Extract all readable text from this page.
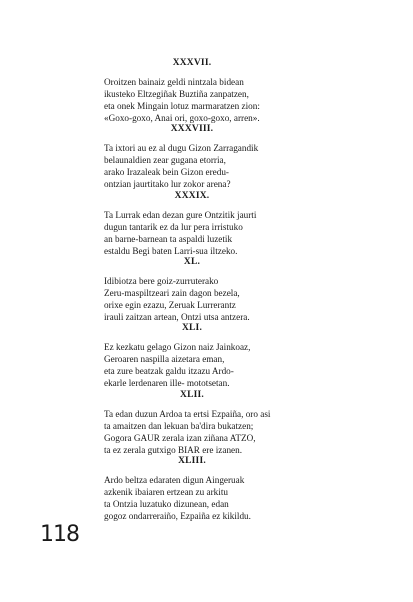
XXXVII.
Oroitzen bainaiz geldi nintzala bidean
ikusteko Eltzegiñak Buztiña zanpatzen,
eta onek Mingain lotuz marmaratzen zion:
«Goxo-goxo, Anai ori, goxo-goxo, arren».
XXXVIII.
Ta ixtori au ez al dugu Gizon Zarragandik
belaunaldien zear gugana etorria,
arako Irazaleak bein Gizon eredu-
ontzian jaurtitako lur zokor arena?
XXXIX.
Ta Lurrak edan dezan gure Ontzitik jaurti
dugun tantarik ez da lur pera irristuko
an barne-barnean ta aspaldi luzetik
estaldu Begi baten Larri-sua iltzeko.
XL.
Idibiotza bere goiz-zurruterako
Zeru-maspiltzeari zain dagon bezela,
orixe egin ezazu, Zeruak Lurrerantz
irauli zaitzan artean, Ontzi utsa antzera.
XLI.
Ez kezkatu gelago Gizon naiz Jainkoaz,
Geroaren naspilla aizetara eman,
eta zure beatzak galdu itzazu Ardo-
ekarle lerdenaren ille- mototsetan.
XLII.
Ta edan duzun Ardoa ta ertsi Ezpaiña, oro asi
ta amaitzen dan lekuan ba'dira bukatzen;
Gogora GAUR zerala izan ziñana ATZO,
ta ez zerala gutxigo BIAR ere izanen.
XLIII.
Ardo beltza edaraten digun Aingeruak
azkenik ibaiaren ertzean zu arkitu
ta Ontzia luzatuko dizunean, edan
gogoz ondarreraiño, Ezpaiña ez kikildu.
118
